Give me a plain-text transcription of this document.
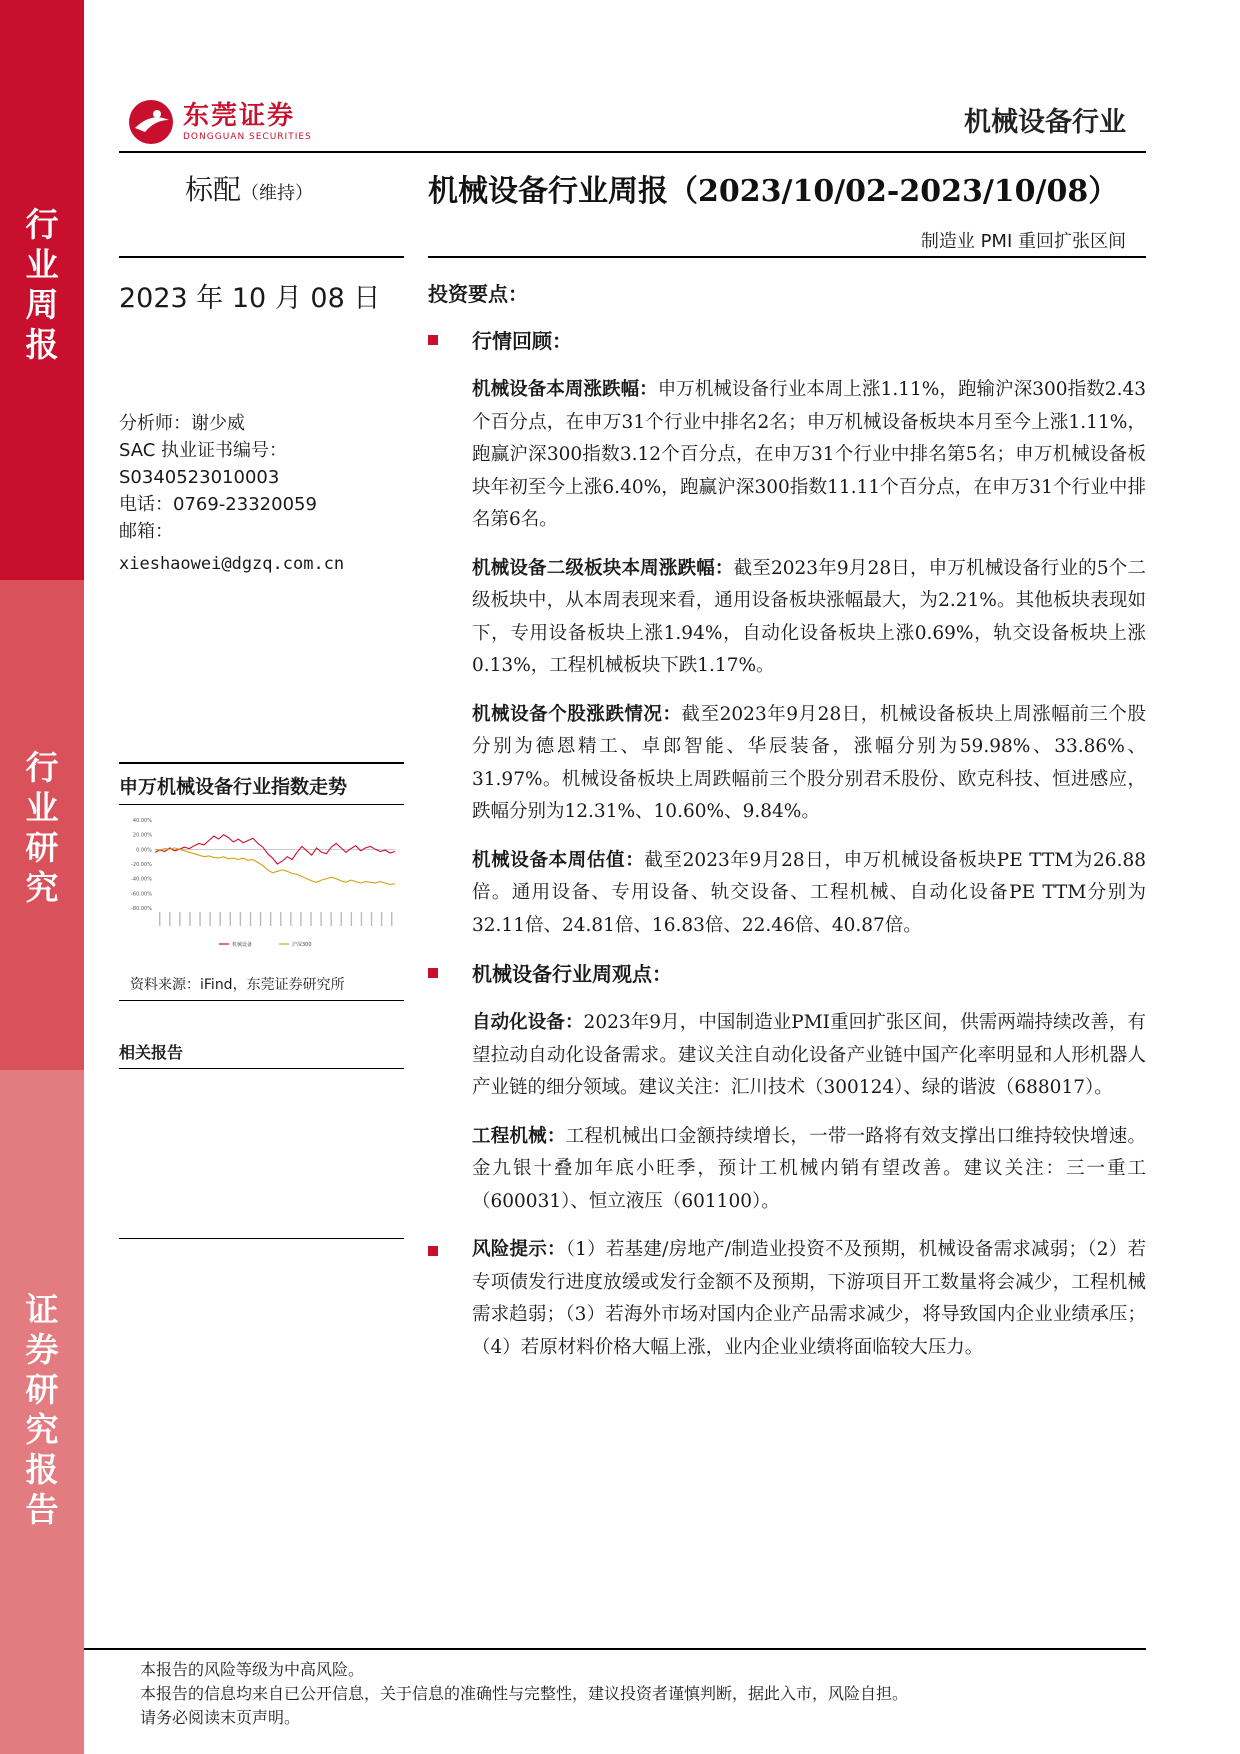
行业周报
行业研究
证券研究报告
东莞证券
DONGGUAN SECURITIES	机械设备行业
标配（维持）	机械设备行业周报（2023/10/02-2023/10/08）
制造业 PMI 重回扩张区间
2023 年 10 月 08 日
分析师：谢少威
SAC 执业证书编号：
S0340523010003
电话：0769-23320059
邮箱：
xieshaowei@dgzq.com.cn
申万机械设备行业指数走势
40.00%
20.00%
0.00%
-20.00%
-40.00%
-60.00%
-80.00%
机械设备	沪深300
资料来源：iFind，东莞证券研究所
相关报告
投资要点：
行情回顾：
机械设备本周涨跌幅：申万机械设备行业本周上涨1.11%，跑输沪深300指数2.43个百分点，在申万31个行业中排名2名；申万机械设备板块本月至今上涨1.11%，跑赢沪深300指数3.12个百分点，在申万31个行业中排名第5名；申万机械设备板块年初至今上涨6.40%，跑赢沪深300指数11.11个百分点，在申万31个行业中排名第6名。
机械设备二级板块本周涨跌幅：截至2023年9月28日，申万机械设备行业的5个二级板块中，从本周表现来看，通用设备板块涨幅最大，为2.21%。其他板块表现如下，专用设备板块上涨1.94%，自动化设备板块上涨0.69%，轨交设备板块上涨0.13%，工程机械板块下跌1.17%。
机械设备个股涨跌情况：截至2023年9月28日，机械设备板块上周涨幅前三个股分别为德恩精工、卓郎智能、华辰装备，涨幅分别为59.98%、33.86%、31.97%。机械设备板块上周跌幅前三个股分别君禾股份、欧克科技、恒进感应，跌幅分别为12.31%、10.60%、9.84%。
机械设备本周估值：截至2023年9月28日，申万机械设备板块PE TTM为26.88倍。通用设备、专用设备、轨交设备、工程机械、自动化设备PE TTM分别为32.11倍、24.81倍、16.83倍、22.46倍、40.87倍。
机械设备行业周观点：
自动化设备：2023年9月，中国制造业PMI重回扩张区间，供需两端持续改善，有望拉动自动化设备需求。建议关注自动化设备产业链中国产化率明显和人形机器人产业链的细分领域。建议关注：汇川技术（300124）、绿的谐波（688017）。
工程机械：工程机械出口金额持续增长，一带一路将有效支撑出口维持较快增速。金九银十叠加年底小旺季，预计工机械内销有望改善。建议关注：三一重工（600031）、恒立液压（601100）。
风险提示：（1）若基建/房地产/制造业投资不及预期，机械设备需求减弱；（2）若专项债发行进度放缓或发行金额不及预期，下游项目开工数量将会减少，工程机械需求趋弱；（3）若海外市场对国内企业产品需求减少，将导致国内企业业绩承压；（4）若原材料价格大幅上涨，业内企业业绩将面临较大压力。
本报告的风险等级为中高风险。
本报告的信息均来自已公开信息，关于信息的准确性与完整性，建议投资者谨慎判断，据此入市，风险自担。
请务必阅读末页声明。
